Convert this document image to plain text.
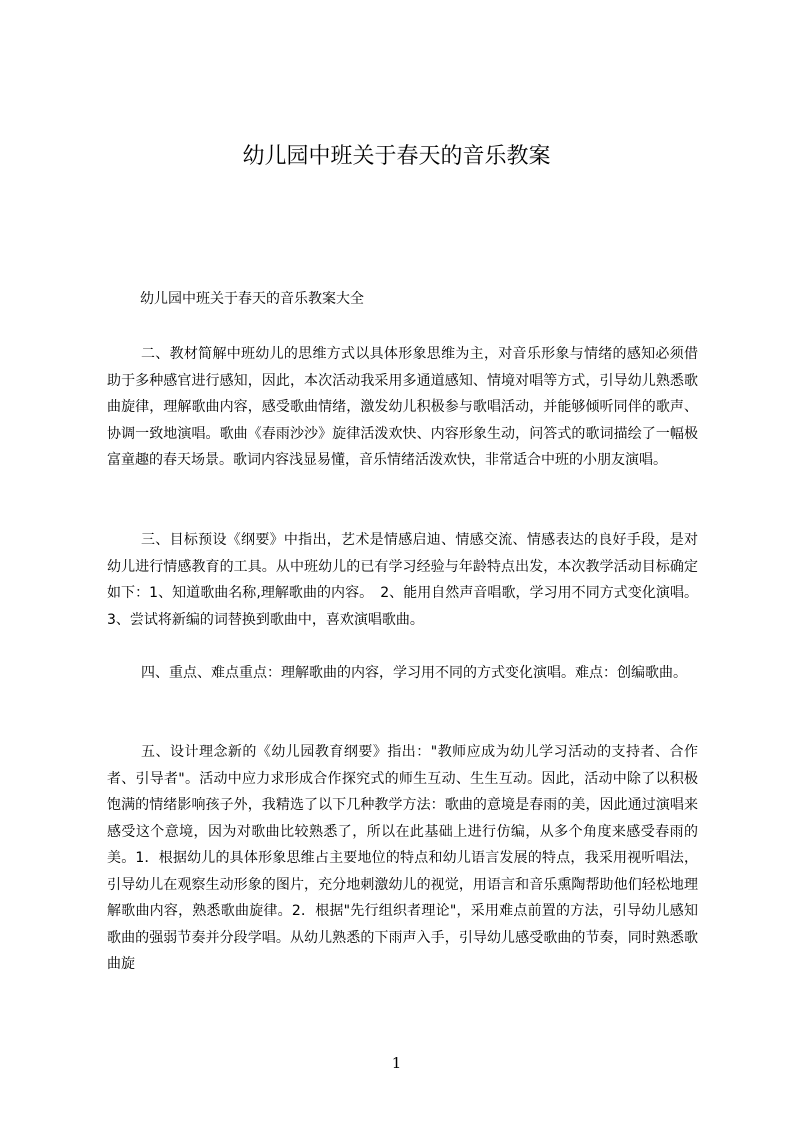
幼儿园中班关于春天的音乐教案
幼儿园中班关于春天的音乐教案大全

二、教材简解中班幼儿的思维方式以具体形象思维为主，对音乐形象与情绪的感知必须借助于多种感官进行感知，因此，本次活动我采用多通道感知、情境对唱等方式，引导幼儿熟悉歌曲旋律，理解歌曲内容，感受歌曲情绪，激发幼儿积极参与歌唱活动，并能够倾听同伴的歌声、协调一致地演唱。歌曲《春雨沙沙》旋律活泼欢快、内容形象生动，问答式的歌词描绘了一幅极富童趣的春天场景。歌词内容浅显易懂，音乐情绪活泼欢快，非常适合中班的小朋友演唱。

三、目标预设《纲要》中指出，艺术是情感启迪、情感交流、情感表达的良好手段，是对幼儿进行情感教育的工具。从中班幼儿的已有学习经验与年龄特点出发，本次教学活动目标确定如下：1、知道歌曲名称,理解歌曲的内容。　2、能用自然声音唱歌，学习用不同方式变化演唱。3、尝试将新编的词替换到歌曲中，喜欢演唱歌曲。

四、重点、难点重点：理解歌曲的内容，学习用不同的方式变化演唱。难点：创编歌曲。

五、设计理念新的《幼儿园教育纲要》指出："教师应成为幼儿学习活动的支持者、合作者、引导者"。活动中应力求形成合作探究式的师生互动、生生互动。因此，活动中除了以积极饱满的情绪影响孩子外，我精选了以下几种教学方法：歌曲的意境是春雨的美，因此通过演唱来感受这个意境，因为对歌曲比较熟悉了，所以在此基础上进行仿编，从多个角度来感受春雨的美。1．根据幼儿的具体形象思维占主要地位的特点和幼儿语言发展的特点，我采用视听唱法，引导幼儿在观察生动形象的图片，充分地刺激幼儿的视觉，用语言和音乐熏陶帮助他们轻松地理解歌曲内容，熟悉歌曲旋律。2．根据"先行组织者理论"，采用难点前置的方法，引导幼儿感知歌曲的强弱节奏并分段学唱。从幼儿熟悉的下雨声入手，引导幼儿感受歌曲的节奏，同时熟悉歌曲旋

1
